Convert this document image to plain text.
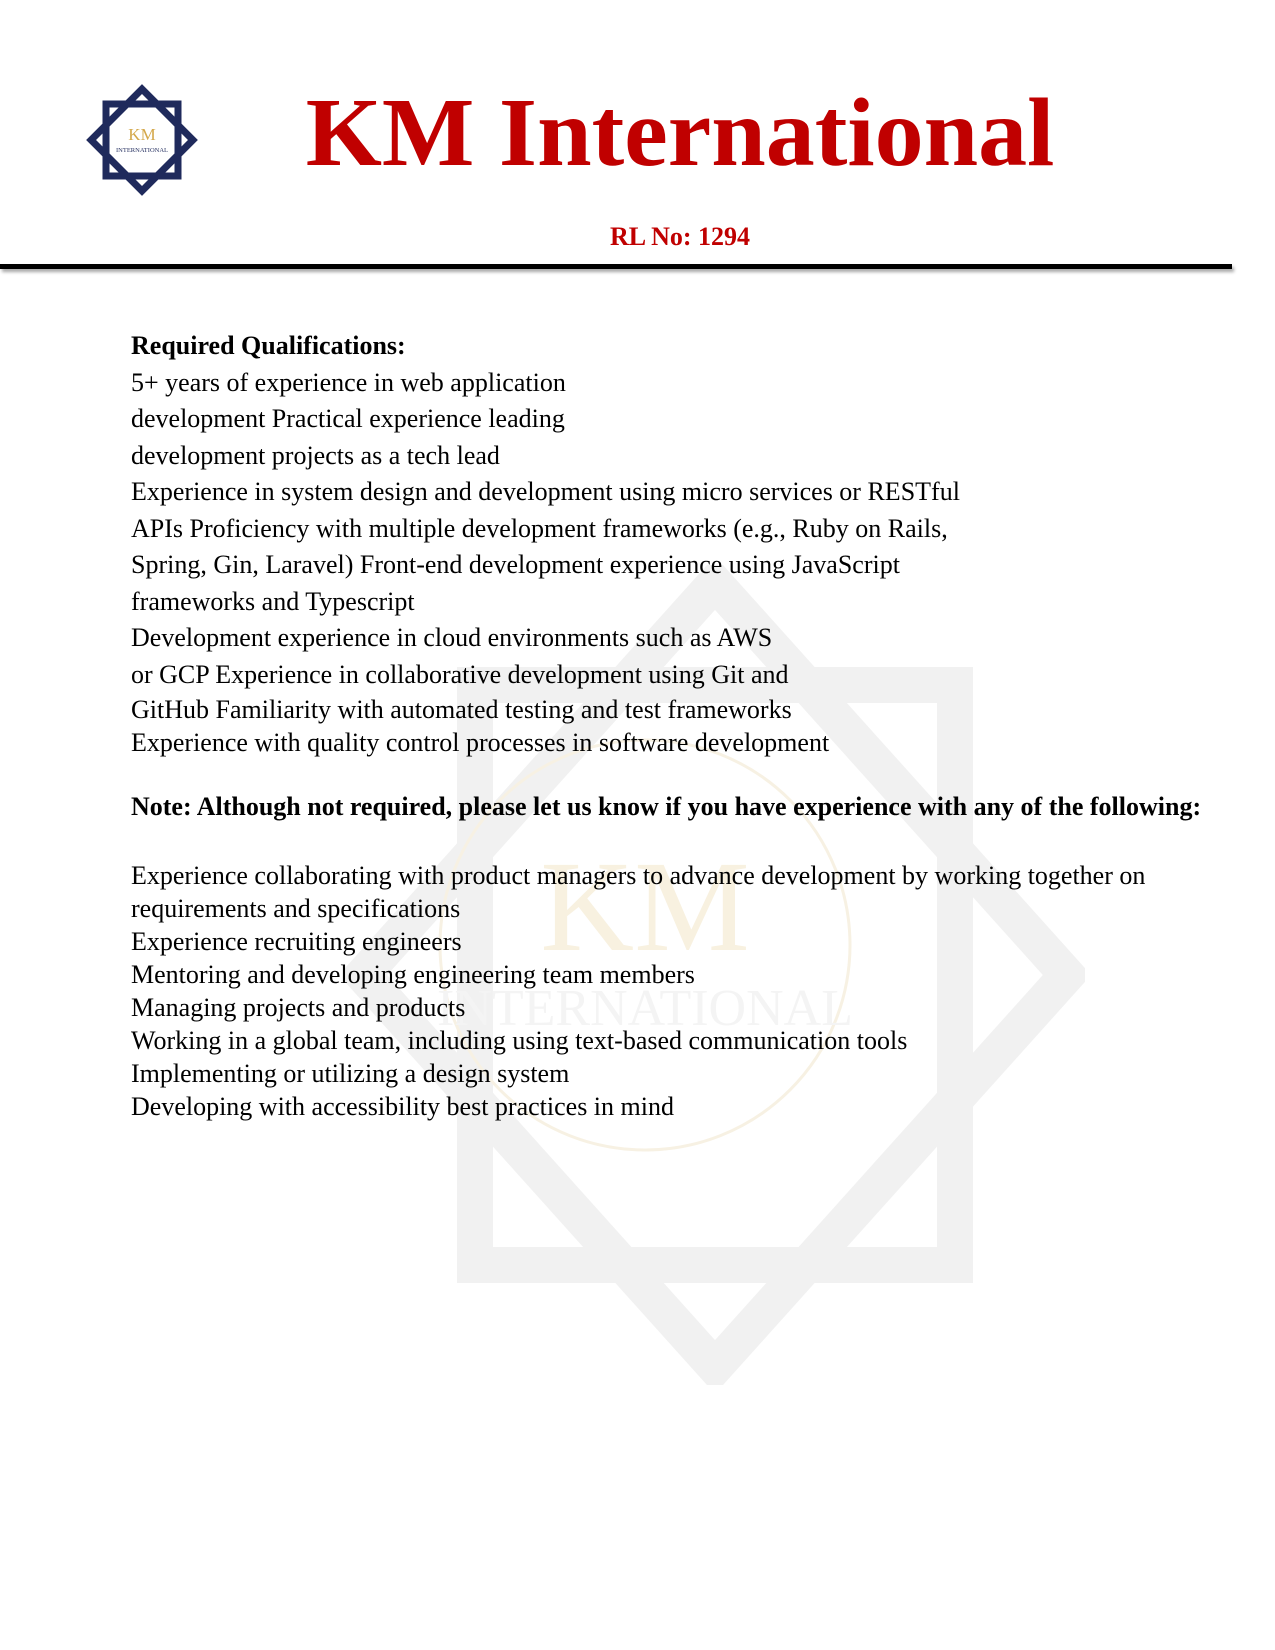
KM
INTERNATIONAL	KM International
RL No: 1294
KM
INTERNATIONAL

Required Qualifications:

5+ years of experience in web application

development Practical experience leading

development projects as a tech lead

Experience in system design and development using micro services or RESTful

APIs Proficiency with multiple development frameworks (e.g., Ruby on Rails,

Spring, Gin, Laravel) Front-end development experience using JavaScript

frameworks and Typescript

Development experience in cloud environments such as AWS

or GCP Experience in collaborative development using Git and

GitHub Familiarity with automated testing and test frameworks

Experience with quality control processes in software development

Note: Although not required, please let us know if you have experience with any of the following:

Experience collaborating with product managers to advance development by working together on requirements and specifications

Experience recruiting engineers

Mentoring and developing engineering team members

Managing projects and products

Working in a global team, including using text-based communication tools

Implementing or utilizing a design system

Developing with accessibility best practices in mind
